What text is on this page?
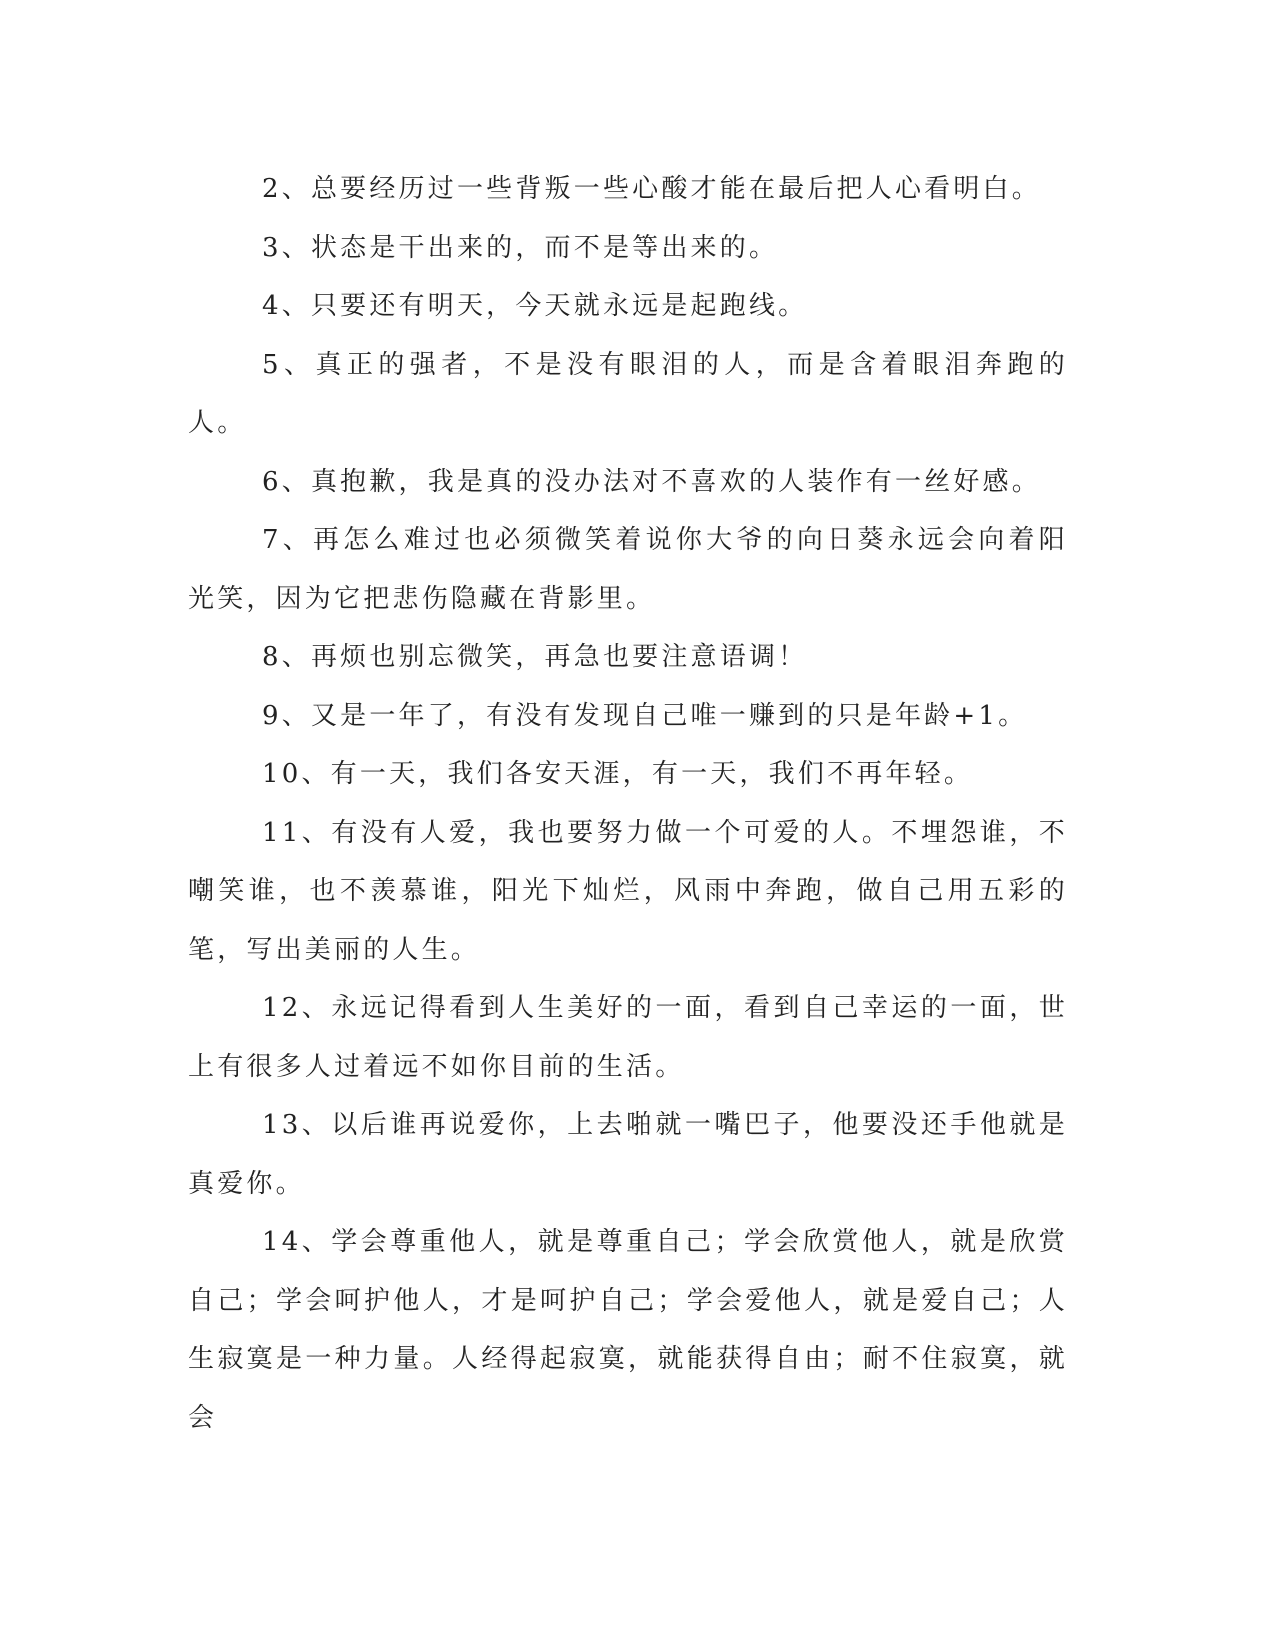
2、总要经历过一些背叛一些心酸才能在最后把人心看明白。

3、状态是干出来的，而不是等出来的。

4、只要还有明天，今天就永远是起跑线。

5、真正的强者，不是没有眼泪的人，而是含着眼泪奔跑的人。

6、真抱歉，我是真的没办法对不喜欢的人装作有一丝好感。

7、再怎么难过也必须微笑着说你大爷的向日葵永远会向着阳光笑，因为它把悲伤隐藏在背影里。

8、再烦也别忘微笑，再急也要注意语调！

9、又是一年了，有没有发现自己唯一赚到的只是年龄+1。

10、有一天，我们各安天涯，有一天，我们不再年轻。

11、有没有人爱，我也要努力做一个可爱的人。不埋怨谁，不嘲笑谁，也不羡慕谁，阳光下灿烂，风雨中奔跑，做自己用五彩的笔，写出美丽的人生。

12、永远记得看到人生美好的一面，看到自己幸运的一面，世上有很多人过着远不如你目前的生活。

13、以后谁再说爱你，上去啪就一嘴巴子，他要没还手他就是真爱你。

14、学会尊重他人，就是尊重自己；学会欣赏他人，就是欣赏自己；学会呵护他人，才是呵护自己；学会爱他人，就是爱自己；人生寂寞是一种力量。人经得起寂寞，就能获得自由；耐不住寂寞，就会
